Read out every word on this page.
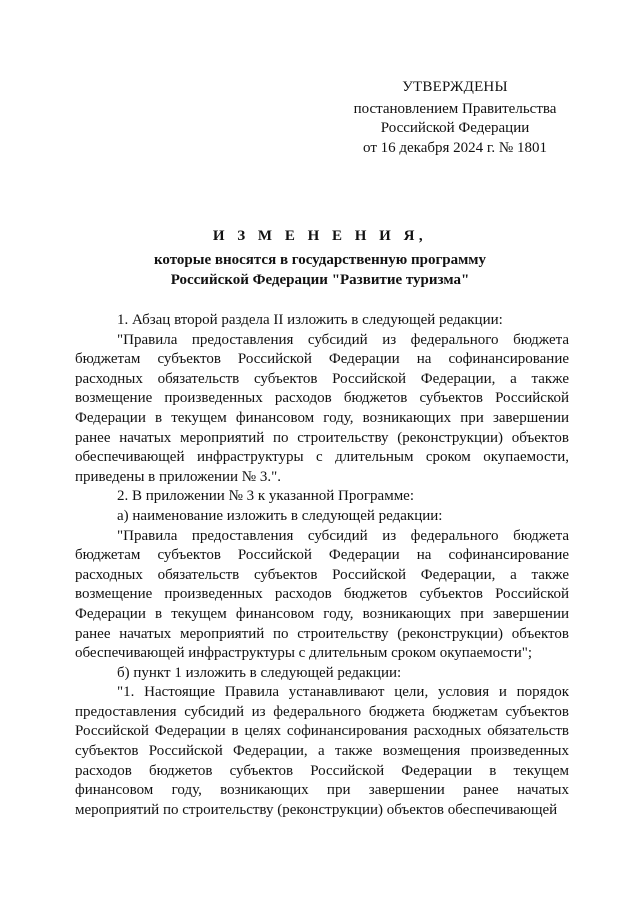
УТВЕРЖДЕНЫ
постановлением Правительства
Российской Федерации
от 16 декабря 2024 г. № 1801
И З М Е Н Е Н И Я,
которые вносятся в государственную программу
Российской Федерации "Развитие туризма"

1. Абзац второй раздела II изложить в следующей редакции:

"Правила предоставления субсидий из федерального бюджета бюджетам субъектов Российской Федерации на софинансирование расходных обязательств субъектов Российской Федерации, а также возмещение произведенных расходов бюджетов субъектов Российской Федерации в текущем финансовом году, возникающих при завершении ранее начатых мероприятий по строительству (реконструкции) объектов обеспечивающей инфраструктуры с длительным сроком окупаемости, приведены в приложении № 3.".

2. В приложении № 3 к указанной Программе:

а) наименование изложить в следующей редакции:

"Правила предоставления субсидий из федерального бюджета бюджетам субъектов Российской Федерации на софинансирование расходных обязательств субъектов Российской Федерации, а также возмещение произведенных расходов бюджетов субъектов Российской Федерации в текущем финансовом году, возникающих при завершении ранее начатых мероприятий по строительству (реконструкции) объектов обеспечивающей инфраструктуры с длительным сроком окупаемости";

б) пункт 1 изложить в следующей редакции:

"1. Настоящие Правила устанавливают цели, условия и порядок предоставления субсидий из федерального бюджета бюджетам субъектов Российской Федерации в целях софинансирования расходных обязательств субъектов Российской Федерации, а также возмещения произведенных расходов бюджетов субъектов Российской Федерации в текущем финансовом году, возникающих при завершении ранее начатых мероприятий по строительству (реконструкции) объектов обеспечивающей
